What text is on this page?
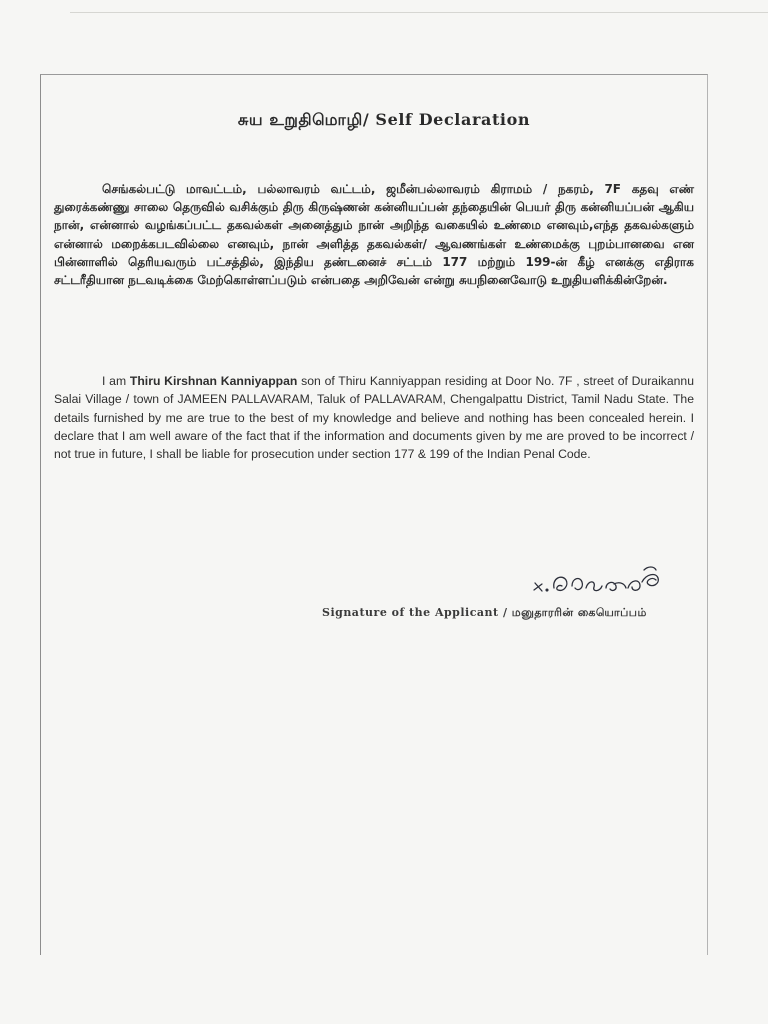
சுய உறுதிமொழி/ Self Declaration

செங்கல்பட்டு மாவட்டம், பல்லாவரம் வட்டம், ஜமீன்பல்லாவரம் கிராமம் / நகரம், 7F கதவு எண் துரைக்கண்ணு சாலை தெருவில் வசிக்கும் திரு கிருஷ்ணன் கன்னியப்பன் தந்தையின் பெயர் திரு கன்னியப்பன் ஆகிய நான், என்னால் வழங்கப்பட்ட தகவல்கள் அனைத்தும் நான் அறிந்த வகையில் உண்மை எனவும்,எந்த தகவல்களும் என்னால் மறைக்கபடவில்லை எனவும், நான் அளித்த தகவல்கள்/ ஆவணங்கள் உண்மைக்கு புறம்பானவை என பின்னாளில் தெரியவரும் பட்சத்தில், இந்திய தண்டனைச் சட்டம் 177 மற்றும் 199-ன் கீழ் எனக்கு எதிராக சட்டரீதியான நடவடிக்கை மேற்கொள்ளப்படும் என்பதை அறிவேன் என்று சுயநினைவோடு உறுதியளிக்கின்றேன்.

I am Thiru Kirshnan Kanniyappan son of Thiru Kanniyappan residing at Door No. 7F , street of Duraikannu Salai Village / town of JAMEEN PALLAVARAM, Taluk of PALLAVARAM, Chengalpattu District, Tamil Nadu State. The details furnished by me are true to the best of my knowledge and believe and nothing has been concealed herein. I declare that I am well aware of the fact that if the information and documents given by me are proved to be incorrect / not true in future, I shall be liable for prosecution under section 177 & 199 of the Indian Penal Code.

Signature of the Applicant / மனுதாரரின் கையொப்பம்
